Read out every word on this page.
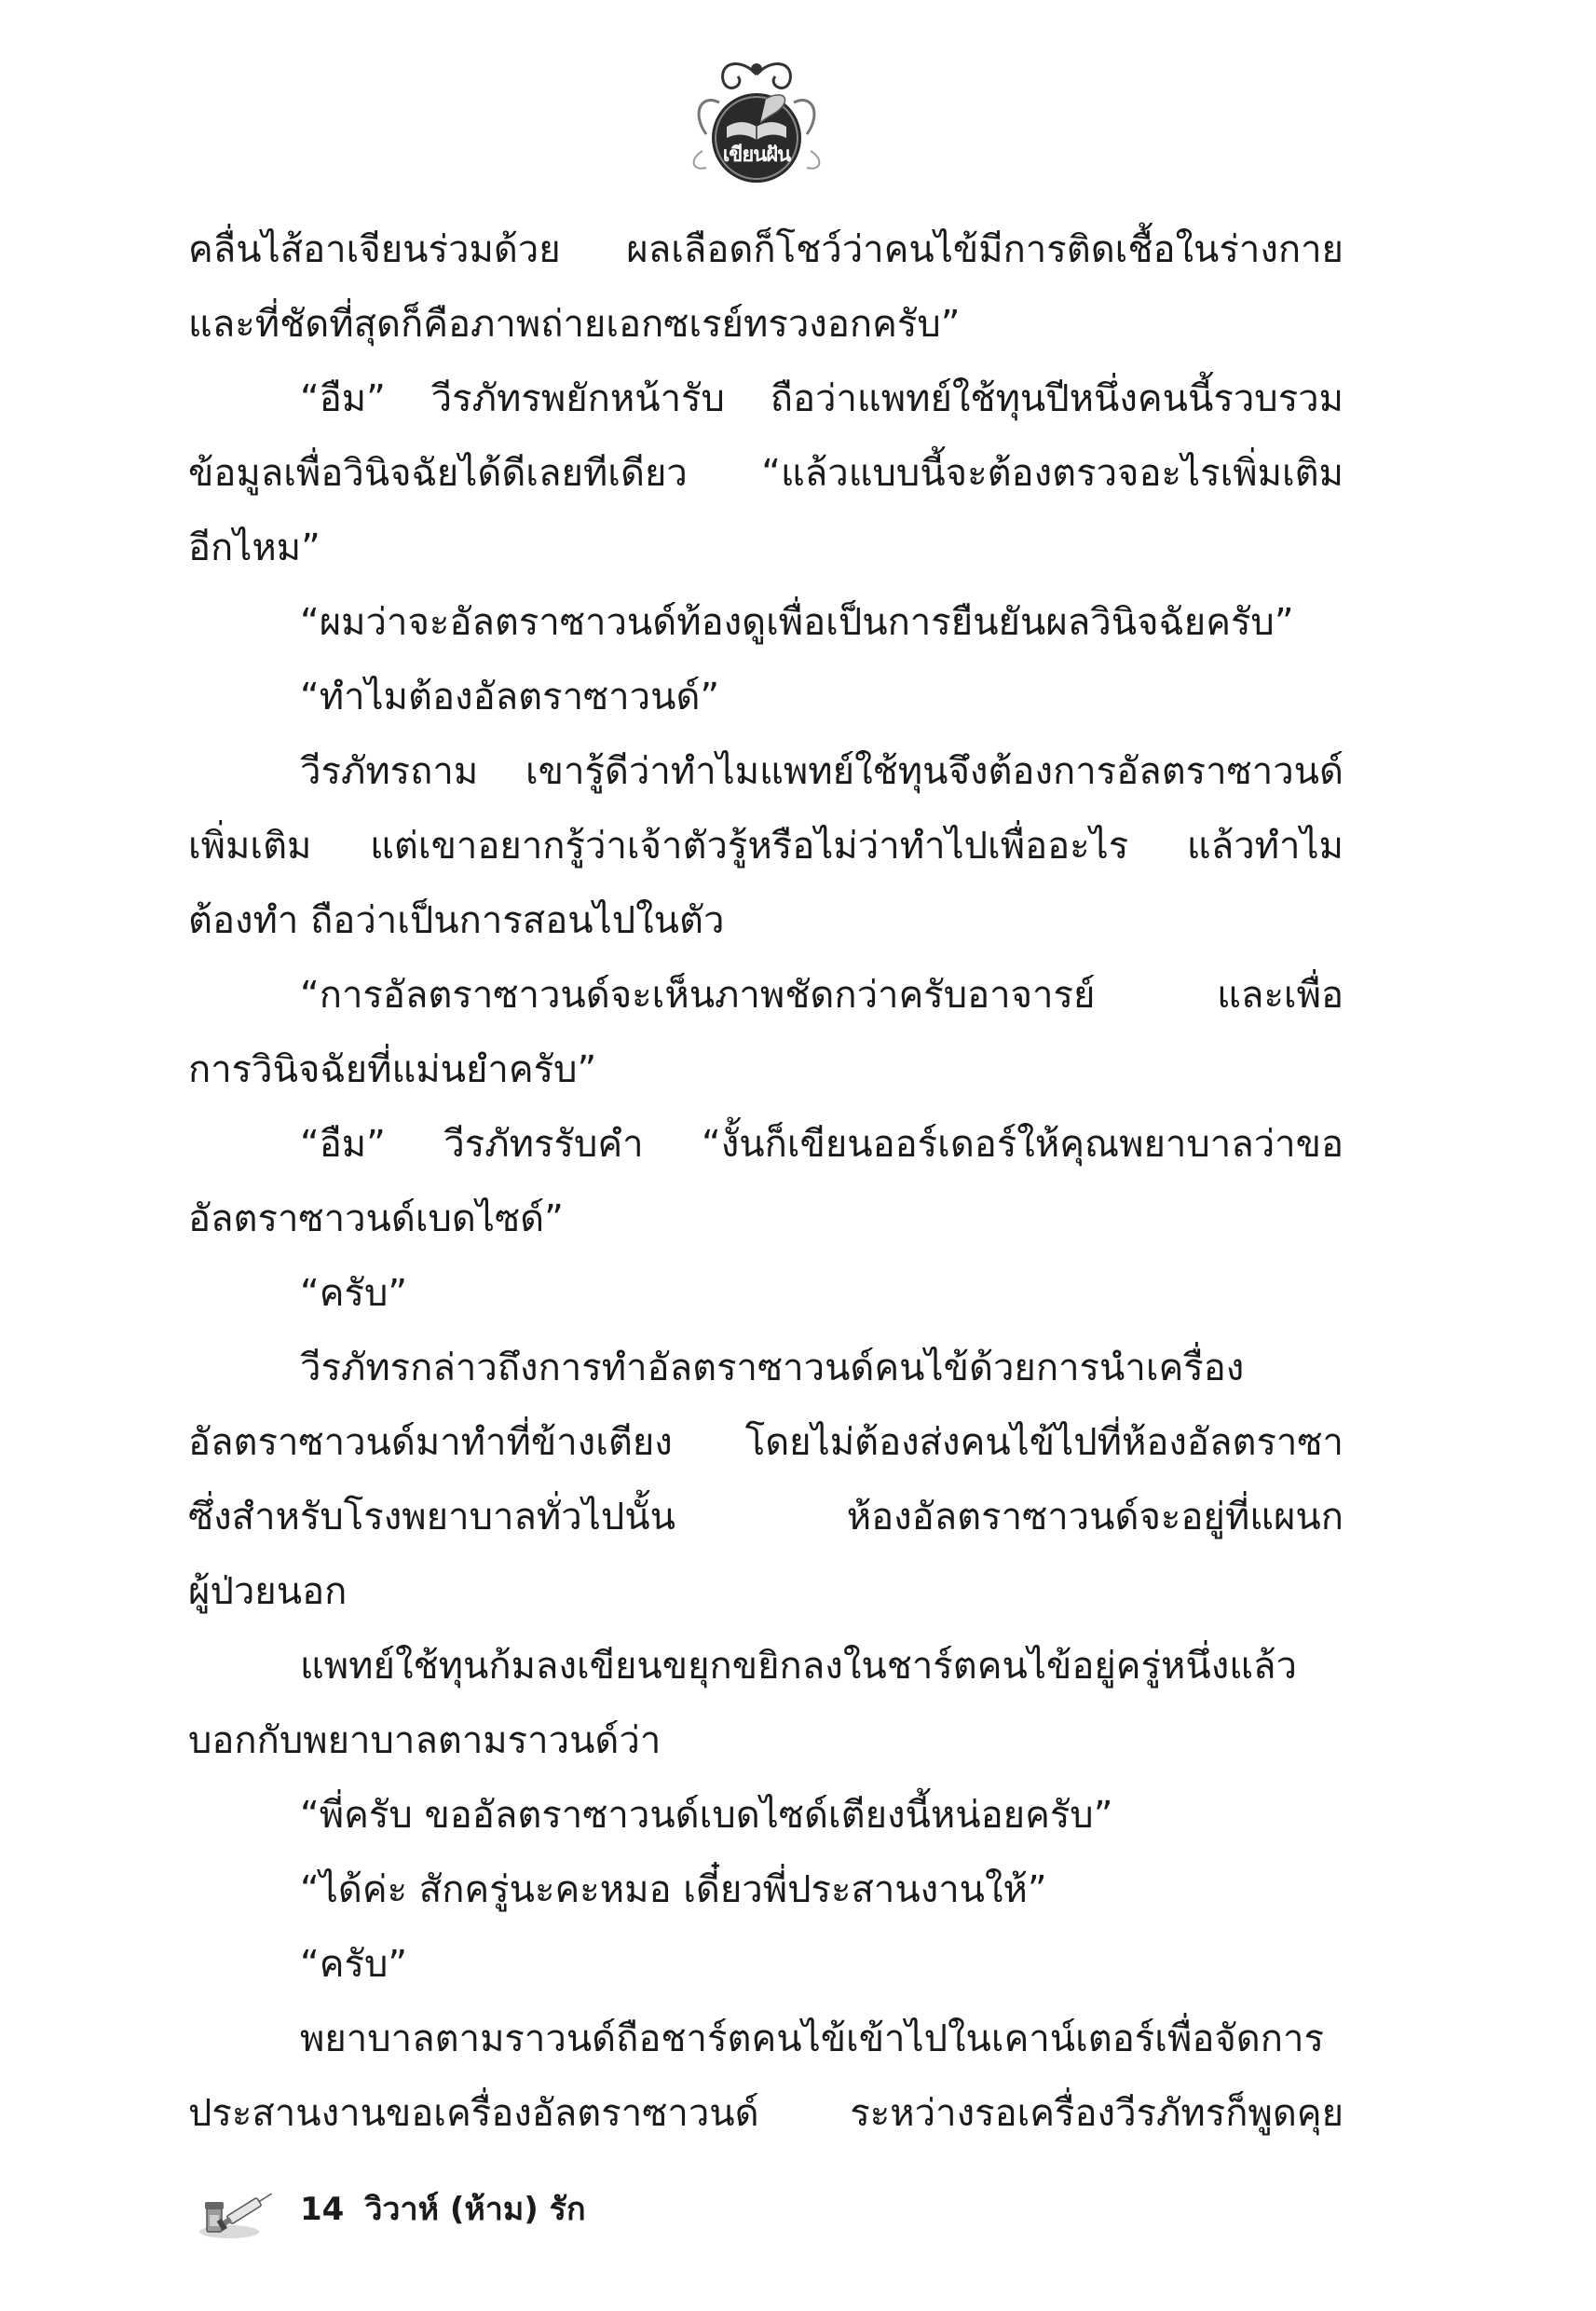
เขียนฝัน
คลื่นไส้อาเจียนร่วมด้วย ผลเลือดก็โชว์ว่าคนไข้มีการติดเชื้อในร่างกาย
และที่ชัดที่สุดก็คือภาพถ่ายเอกซเรย์ทรวงอกครับ”
“อืม” วีรภัทรพยักหน้ารับ ถือว่าแพทย์ใช้ทุนปีหนึ่งคนนี้รวบรวม
ข้อมูลเพื่อวินิจฉัยได้ดีเลยทีเดียว “แล้วแบบนี้จะต้องตรวจอะไรเพิ่มเติม
อีกไหม”
“ผมว่าจะอัลตราซาวนด์ท้องดูเพื่อเป็นการยืนยันผลวินิจฉัยครับ”
“ทำไมต้องอัลตราซาวนด์”
วีรภัทรถาม เขารู้ดีว่าทำไมแพทย์ใช้ทุนจึงต้องการอัลตราซาวนด์
เพิ่มเติม แต่เขาอยากรู้ว่าเจ้าตัวรู้หรือไม่ว่าทำไปเพื่ออะไร แล้วทำไม
ต้องทำ ถือว่าเป็นการสอนไปในตัว
“การอัลตราซาวนด์จะเห็นภาพชัดกว่าครับอาจารย์ และเพื่อ
การวินิจฉัยที่แม่นยำครับ”
“อืม” วีรภัทรรับคำ “งั้นก็เขียนออร์เดอร์ให้คุณพยาบาลว่าขอ
อัลตราซาวนด์เบดไซด์”
“ครับ”
วีรภัทรกล่าวถึงการทำอัลตราซาวนด์คนไข้ด้วยการนำเครื่อง
อัลตราซาวนด์มาทำที่ข้างเตียง โดยไม่ต้องส่งคนไข้ไปที่ห้องอัลตราซา
ซึ่งสำหรับโรงพยาบาลทั่วไปนั้น ห้องอัลตราซาวนด์จะอยู่ที่แผนก
ผู้ป่วยนอก
แพทย์ใช้ทุนก้มลงเขียนขยุกขยิกลงในชาร์ตคนไข้อยู่ครู่หนึ่งแล้ว
บอกกับพยาบาลตามราวนด์ว่า
“พี่ครับ ขออัลตราซาวนด์เบดไซด์เตียงนี้หน่อยครับ”
“ได้ค่ะ สักครู่นะคะหมอ เดี๋ยวพี่ประสานงานให้”
“ครับ”
พยาบาลตามราวนด์ถือชาร์ตคนไข้เข้าไปในเคาน์เตอร์เพื่อจัดการ
ประสานงานขอเครื่องอัลตราซาวนด์ ระหว่างรอเครื่องวีรภัทรก็พูดคุย
14 วิวาห์ (ห้าม) รัก
